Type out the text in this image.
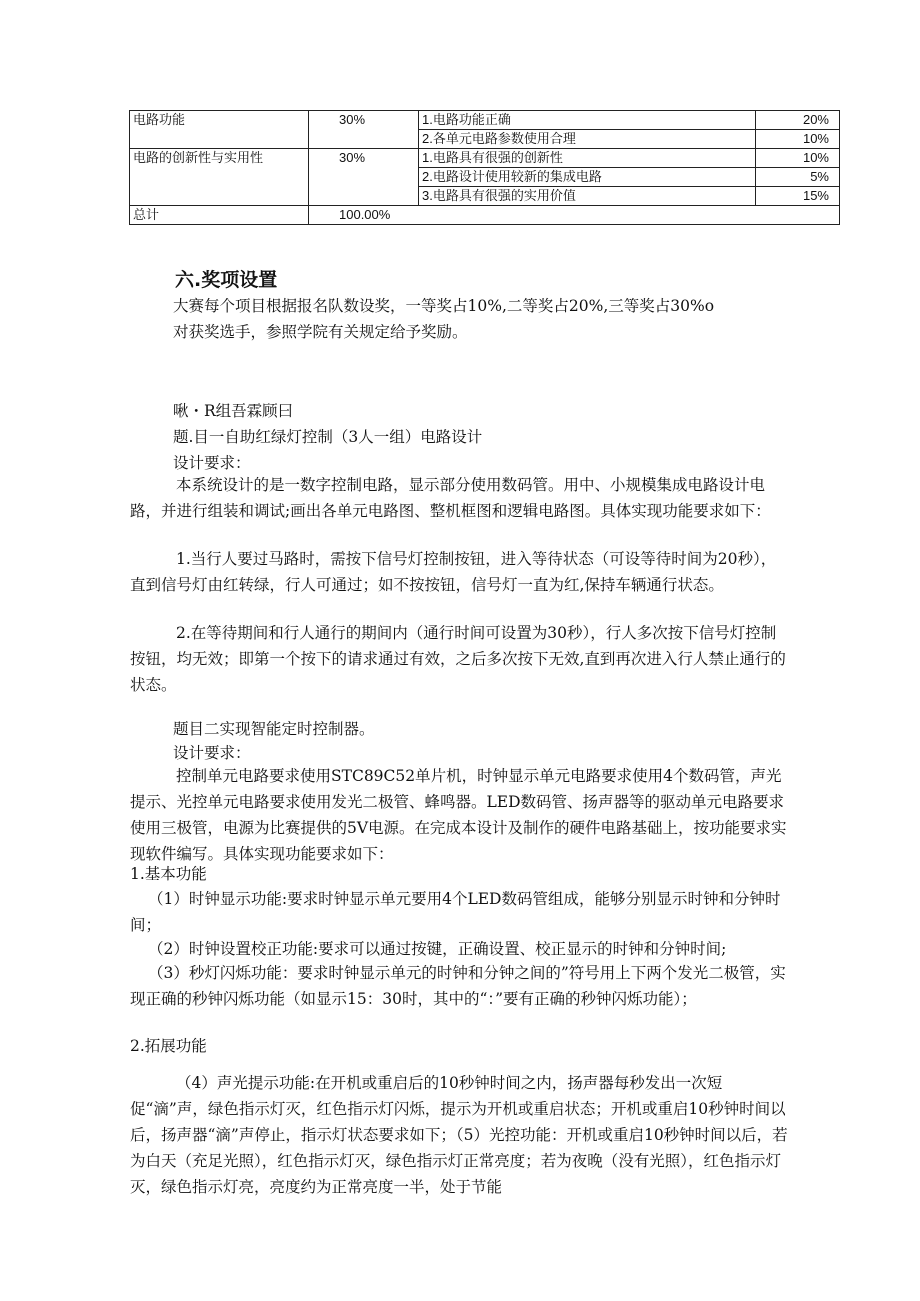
电路功能	30%	1.电路功能正确	20%
		2.各单元电路参数使用合理	10%
电路的创新性与实用性	30%	1.电路具有很强的创新性	10%
		2.电路设计使用较新的集成电路	5%
		3.电路具有很强的实用价值	15%
总计	100.00%		
六.奖项设置

大赛每个项目根据报名队数设奖，一等奖占10%,二等奖占20%,三等奖占30%o

对获奖选手，参照学院有关规定给予奖励。

啾・R组吾霖顾曰

题.目一自助红绿灯控制（3人一组）电路设计

设计要求：

本系统设计的是一数字控制电路，显示部分使用数码管。用中、小规模集成电路设计电路，并进行组装和调试;画出各单元电路图、整机框图和逻辑电路图。具体实现功能要求如下：

1.当行人要过马路时，需按下信号灯控制按钮，进入等待状态（可设等待时间为20秒），直到信号灯由红转绿，行人可通过；如不按按钮，信号灯一直为红,保持车辆通行状态。

2.在等待期间和行人通行的期间内（通行时间可设置为30秒），行人多次按下信号灯控制按钮，均无效；即第一个按下的请求通过有效，之后多次按下无效,直到再次进入行人禁止通行的状态。

题目二实现智能定时控制器。

设计要求：

控制单元电路要求使用STC89C52单片机，时钟显示单元电路要求使用4个数码管，声光提示、光控单元电路要求使用发光二极管、蜂鸣器。LED数码管、扬声器等的驱动单元电路要求使用三极管，电源为比赛提供的5V电源。在完成本设计及制作的硬件电路基础上，按功能要求实现软件编写。具体实现功能要求如下：

1.基本功能

（1）时钟显示功能:要求时钟显示单元要用4个LED数码管组成，能够分别显示时钟和分钟时间；

（2）时钟设置校正功能:要求可以通过按键，正确设置、校正显示的时钟和分钟时间;

（3）秒灯闪烁功能：要求时钟显示单元的时钟和分钟之间的”符号用上下两个发光二极管，实现正确的秒钟闪烁功能（如显示15：30时，其中的“：”要有正确的秒钟闪烁功能）；

2.拓展功能

（4）声光提示功能:在开机或重启后的10秒钟时间之内，扬声器每秒发出一次短促“滴”声，绿色指示灯灭，红色指示灯闪烁，提示为开机或重启状态；开机或重启10秒钟时间以后，扬声器“滴”声停止，指示灯状态要求如下；（5）光控功能：开机或重启10秒钟时间以后，若为白天（充足光照），红色指示灯灭，绿色指示灯正常亮度；若为夜晚（没有光照），红色指示灯灭，绿色指示灯亮，亮度约为正常亮度一半，处于节能
